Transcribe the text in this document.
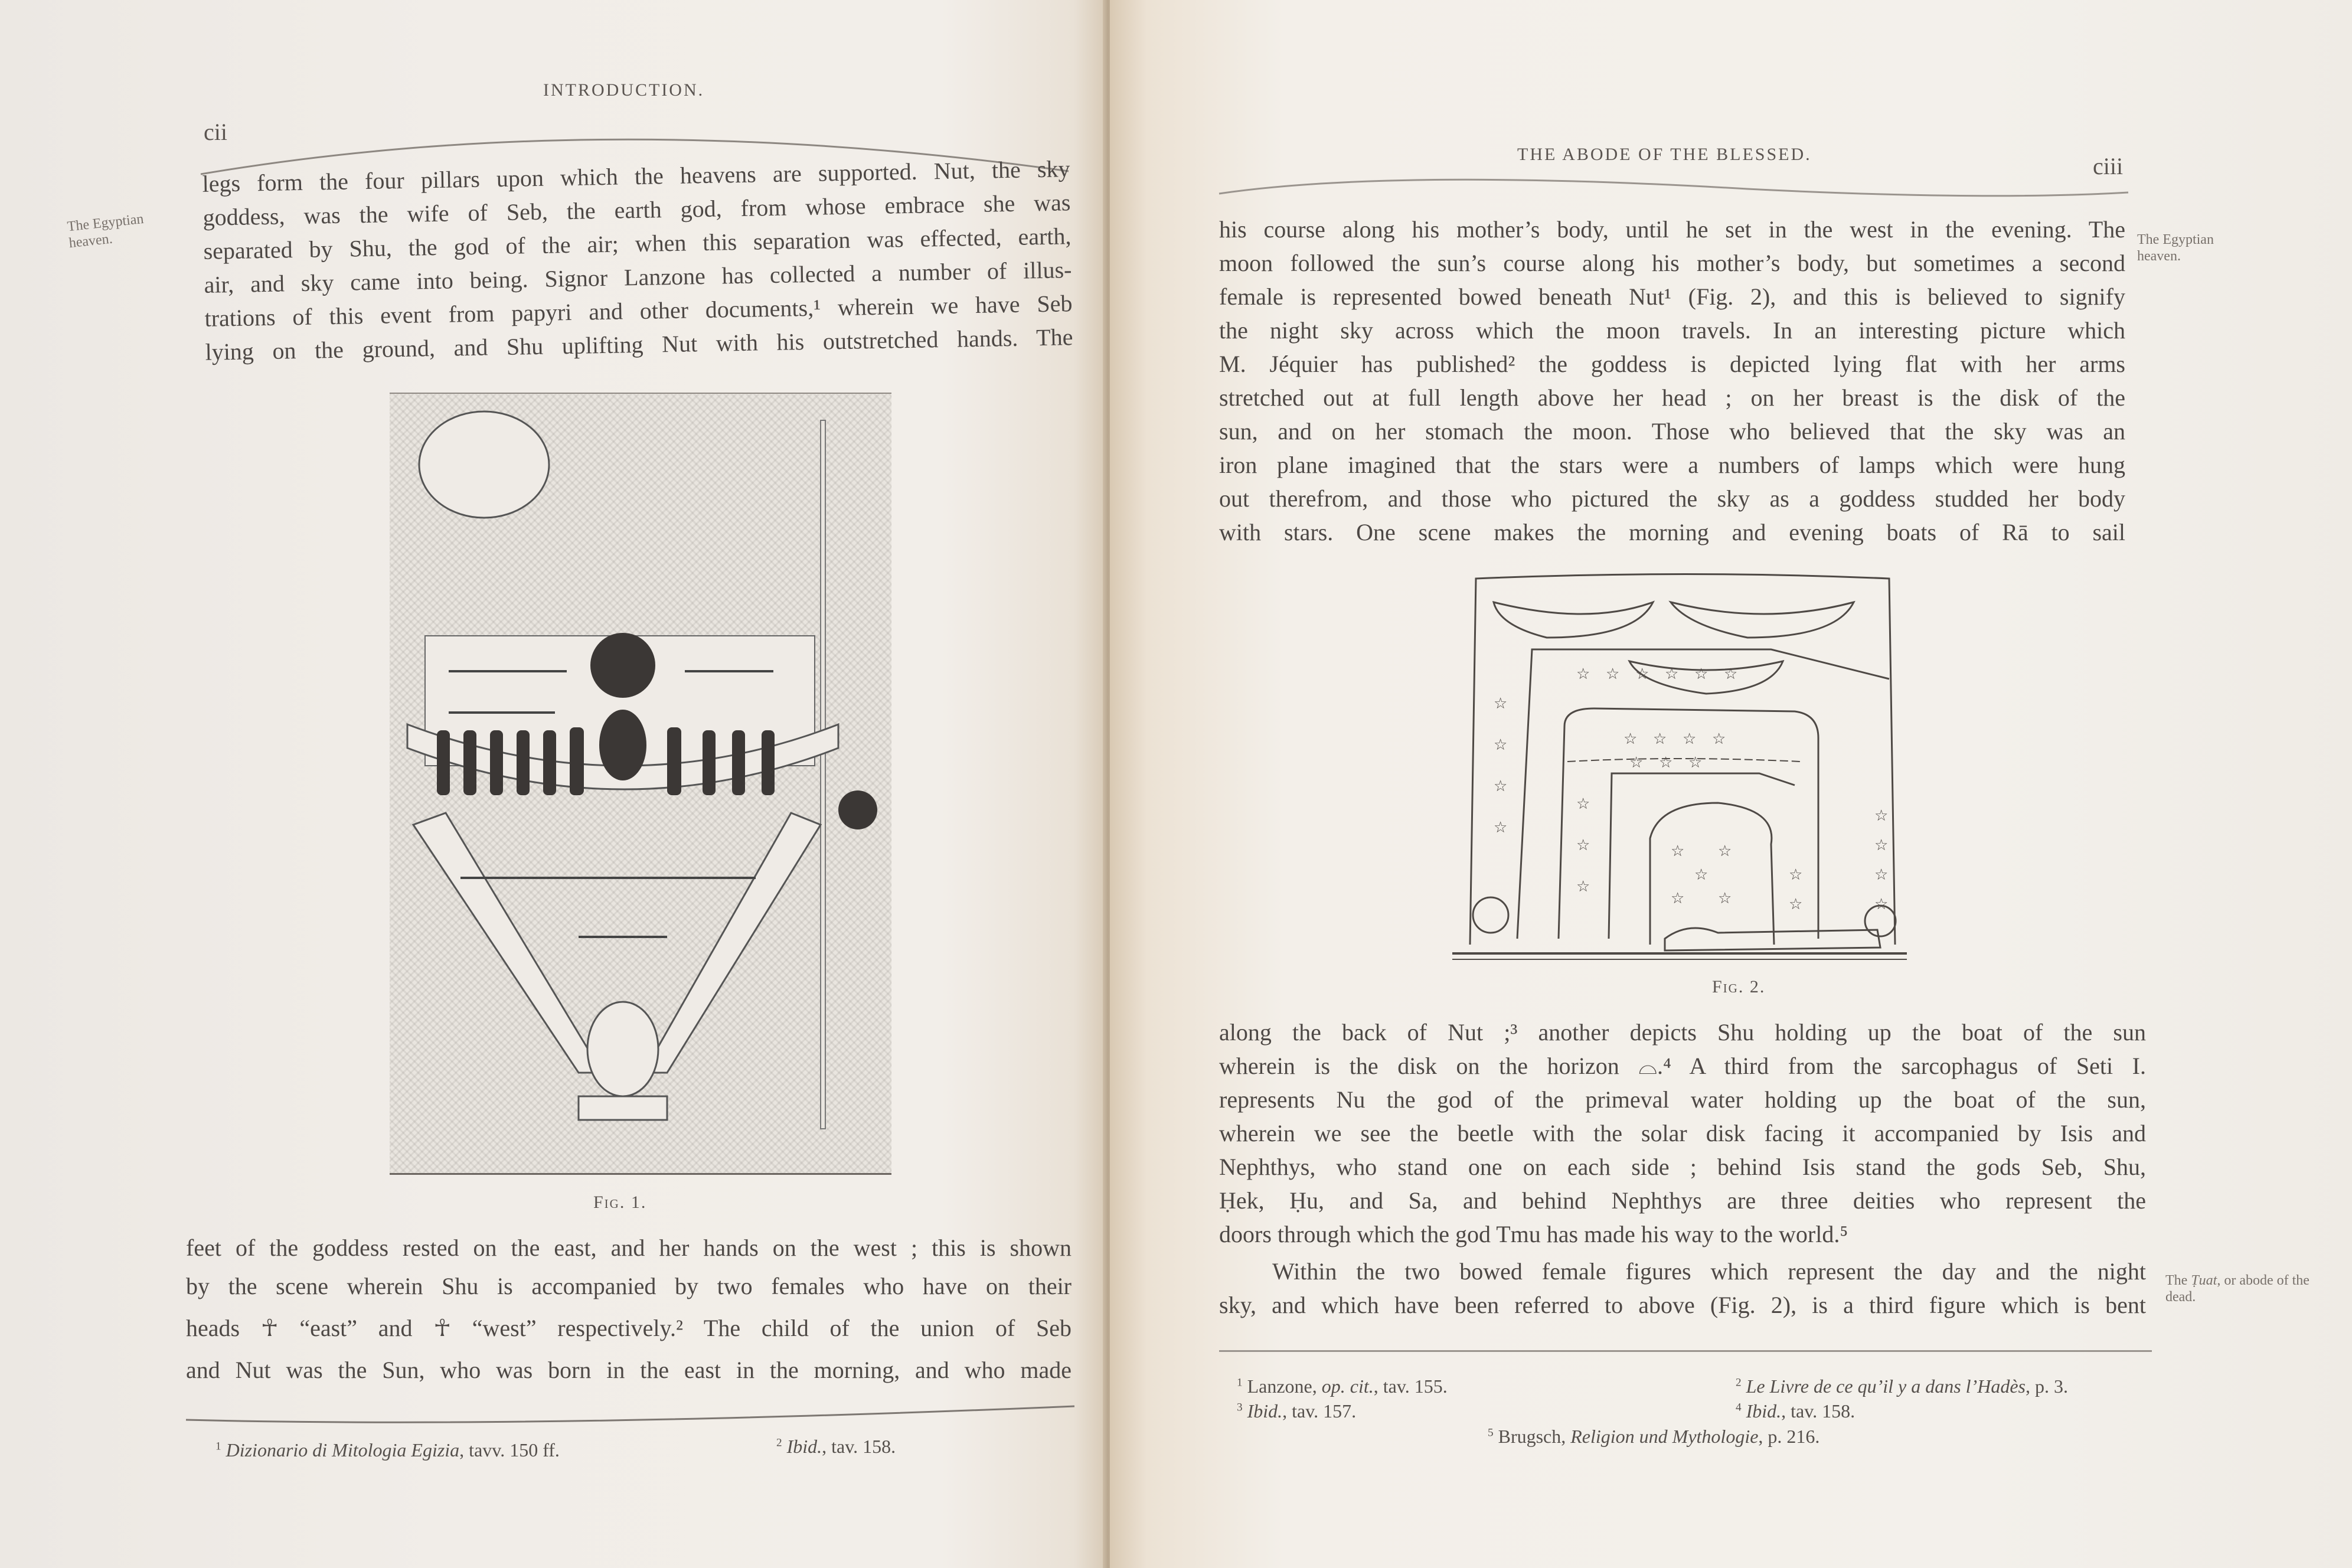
INTRODUCTION.
cii
The Egyptian heaven.
legs form the four pillars upon which the heavens are supported. Nut, the sky
goddess, was the wife of Seb, the earth god, from whose embrace she was
separated by Shu, the god of the air; when this separation was effected, earth,
air, and sky came into being. Signor Lanzone has collected a number of illus-
trations of this event from papyri and other documents,¹ wherein we have Seb
lying on the ground, and Shu uplifting Nut with his outstretched hands. The
Fig. 1.
feet of the goddess rested on the east, and her hands on the west ; this is shown
by the scene wherein Shu is accompanied by two females who have on their
heads ☥ “east” and ☥ “west” respectively.² The child of the union of Seb
and Nut was the Sun, who was born in the east in the morning, and who made
$^1$ Dizionario di Mitologia Egizia, tavv. 150 ff.	$^2$ Ibid., tav. 158.
THE ABODE OF THE BLESSED.	ciii
The Egyptian heaven.
his course along his mother’s body, until he set in the west in the evening. The
moon followed the sun’s course along his mother’s body, but sometimes a second
female is represented bowed beneath Nut¹ (Fig. 2), and this is believed to signify
the night sky across which the moon travels. In an interesting picture which
M. Jéquier has published² the goddess is depicted lying flat with her arms
stretched out at full length above her head ; on her breast is the disk of the
sun, and on her stomach the moon. Those who believed that the sky was an
iron plane imagined that the stars were a numbers of lamps which were hung
out therefrom, and those who pictured the sky as a goddess studded her body
with stars. One scene makes the morning and evening boats of Rā to sail
☆
☆
☆
☆
☆ ☆ ☆ ☆ ☆ ☆
☆
☆
☆
☆ ☆ ☆ ☆
☆ ☆ ☆
☆ ☆
☆
☆ ☆
☆
☆
☆
☆
☆
☆
Fig. 2.
along the back of Nut ;³ another depicts Shu holding up the boat of the sun
wherein is the disk on the horizon ⌓.⁴ A third from the sarcophagus of Seti I.
represents Nu the god of the primeval water holding up the boat of the sun,
wherein we see the beetle with the solar disk facing it accompanied by Isis and
Nephthys, who stand one on each side ; behind Isis stand the gods Seb, Shu,
Ḥek, Ḥu, and Sa, and behind Nephthys are three deities who represent the
doors through which the god Tmu has made his way to the world.⁵
Within the two bowed female figures which represent the day and the night
sky, and which have been referred to above (Fig. 2), is a third figure which is bent
The Ṭuat, or abode of the dead.
$^1$ Lanzone, op. cit., tav. 155.	$^2$ Le Livre de ce qu’il y a dans l’Hadès, p. 3.
$^3$ Ibid., tav. 157.	$^4$ Ibid., tav. 158.
$^5$ Brugsch, Religion und Mythologie, p. 216.
